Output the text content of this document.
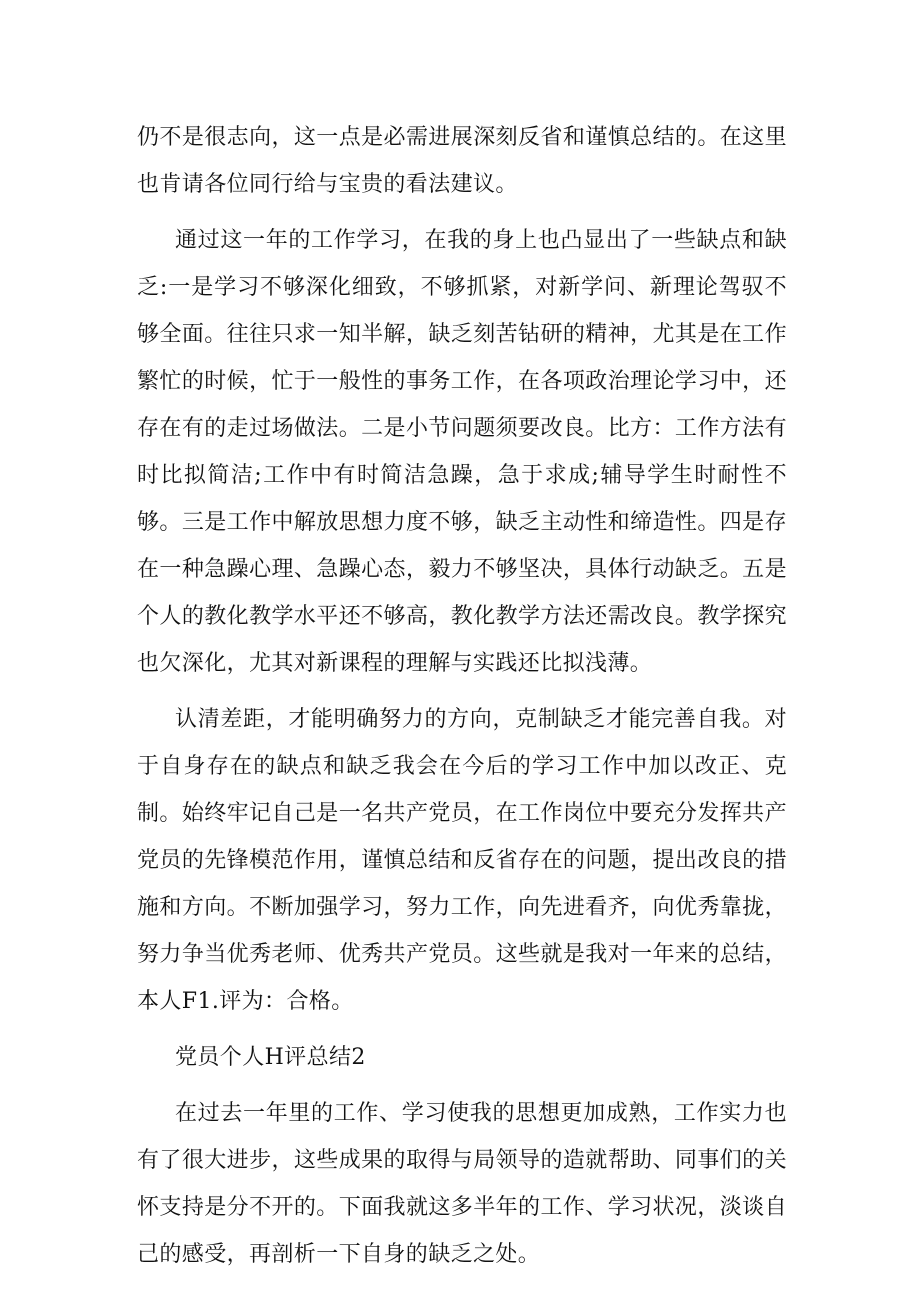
仍不是很志向，这一点是必需进展深刻反省和谨慎总结的。在这里也肯请各位同行给与宝贵的看法建议。

通过这一年的工作学习，在我的身上也凸显出了一些缺点和缺乏:一是学习不够深化细致，不够抓紧，对新学问、新理论驾驭不够全面。往往只求一知半解，缺乏刻苦钻研的精神，尤其是在工作繁忙的时候，忙于一般性的事务工作，在各项政治理论学习中，还存在有的走过场做法。二是小节问题须要改良。比方：工作方法有时比拟简洁;工作中有时简洁急躁，急于求成;辅导学生时耐性不够。三是工作中解放思想力度不够，缺乏主动性和缔造性。四是存在一种急躁心理、急躁心态，毅力不够坚决，具体行动缺乏。五是个人的教化教学水平还不够高，教化教学方法还需改良。教学探究也欠深化，尤其对新课程的理解与实践还比拟浅薄。

认清差距，才能明确努力的方向，克制缺乏才能完善自我。对于自身存在的缺点和缺乏我会在今后的学习工作中加以改正、克制。始终牢记自己是一名共产党员，在工作岗位中要充分发挥共产党员的先锋模范作用，谨慎总结和反省存在的问题，提出改良的措施和方向。不断加强学习，努力工作，向先进看齐，向优秀靠拢，努力争当优秀老师、优秀共产党员。这些就是我对一年来的总结，本人F1.评为：合格。

党员个人H评总结2

在过去一年里的工作、学习使我的思想更加成熟，工作实力也有了很大进步，这些成果的取得与局领导的造就帮助、同事们的关怀支持是分不开的。下面我就这多半年的工作、学习状况，淡谈自己的感受，再剖析一下自身的缺乏之处。
